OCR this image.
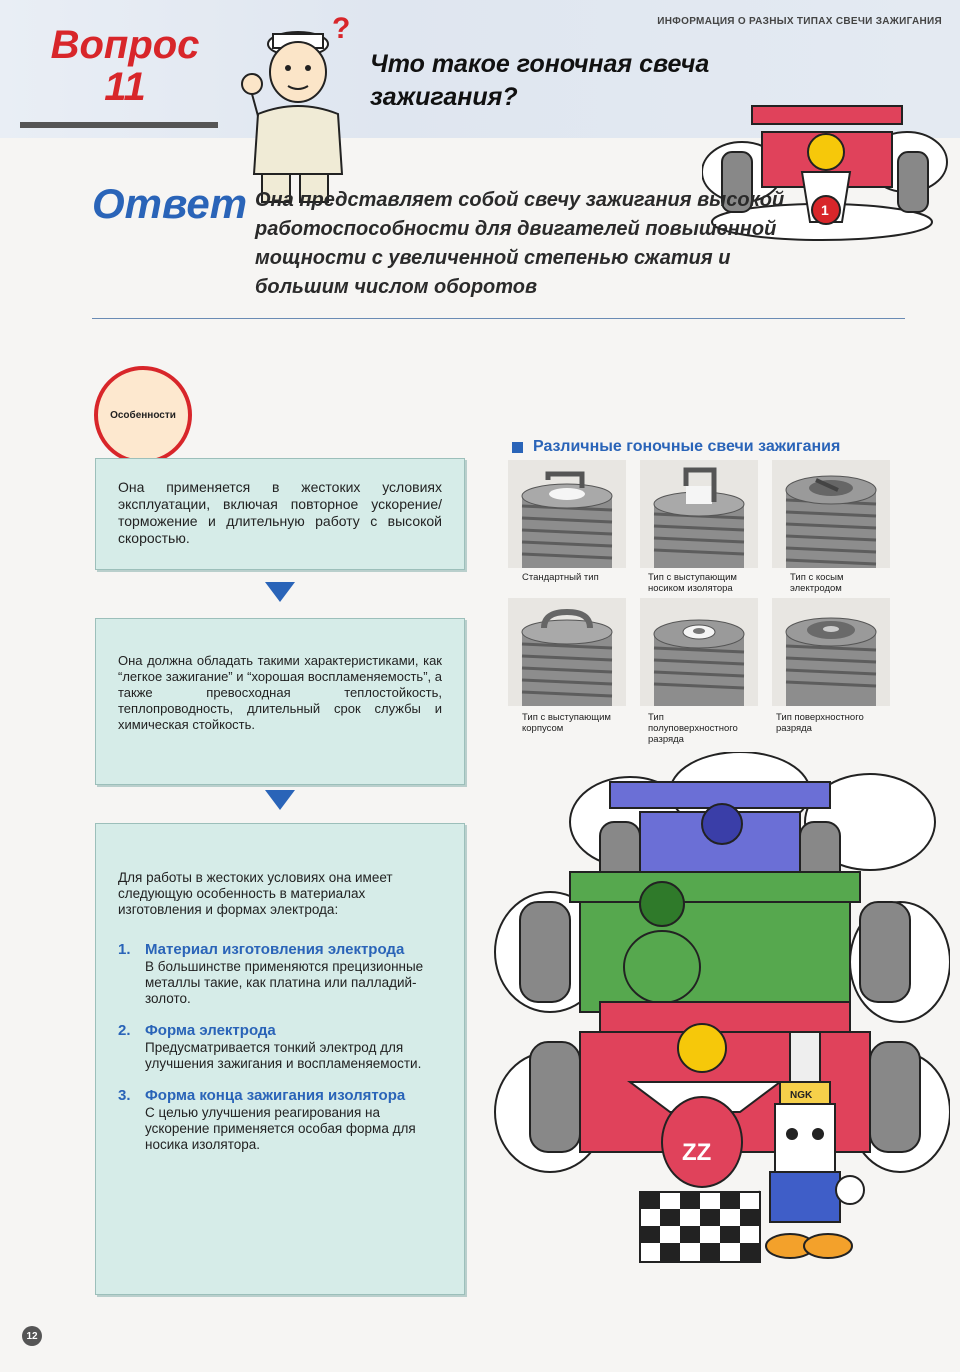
ИНФОРМАЦИЯ О РАЗНЫХ ТИПАХ СВЕЧИ ЗАЖИГАНИЯ
Вопрос
11
?
Что такое гоночная свеча зажигания?
1
Ответ Она представляет собой свечу зажигания высокой работоспособности для двигателей повышенной мощности с увеличенной степенью сжатия и большим числом оборотов
Особенности
Она применяется в жестоких условиях эксплуатации, включая повторное ускорение/торможение и длительную работу с высокой скоростью.
Она должна обладать такими характеристиками, как “легкое зажигание” и “хорошая воспламеняемость”, а также превосходная теплостойкость, теплопроводность, длительный срок службы и химическая стойкость.
Для работы в жестоких условиях она имеет следующую особенность в материалах изготовления и формах электрода:
1. Материал изготовления электрода
В большинстве применяются прецизионные металлы такие, как платина или палладий-золото.
2. Форма электрода
Предусматривается тонкий электрод для улучшения зажигания и воспламеняемости.
3. Форма конца зажигания изолятора
С целью улучшения реагирования на ускорение применяется особая форма для носика изолятора.
Различные гоночные свечи зажигания
Стандартный тип	Тип с выступающим носиком изолятора
Тип с косым электродом
Тип с выступающим корпусом
Тип полуповерхностного разряда
Тип поверхностного разряда
ZZ
NGK
12
